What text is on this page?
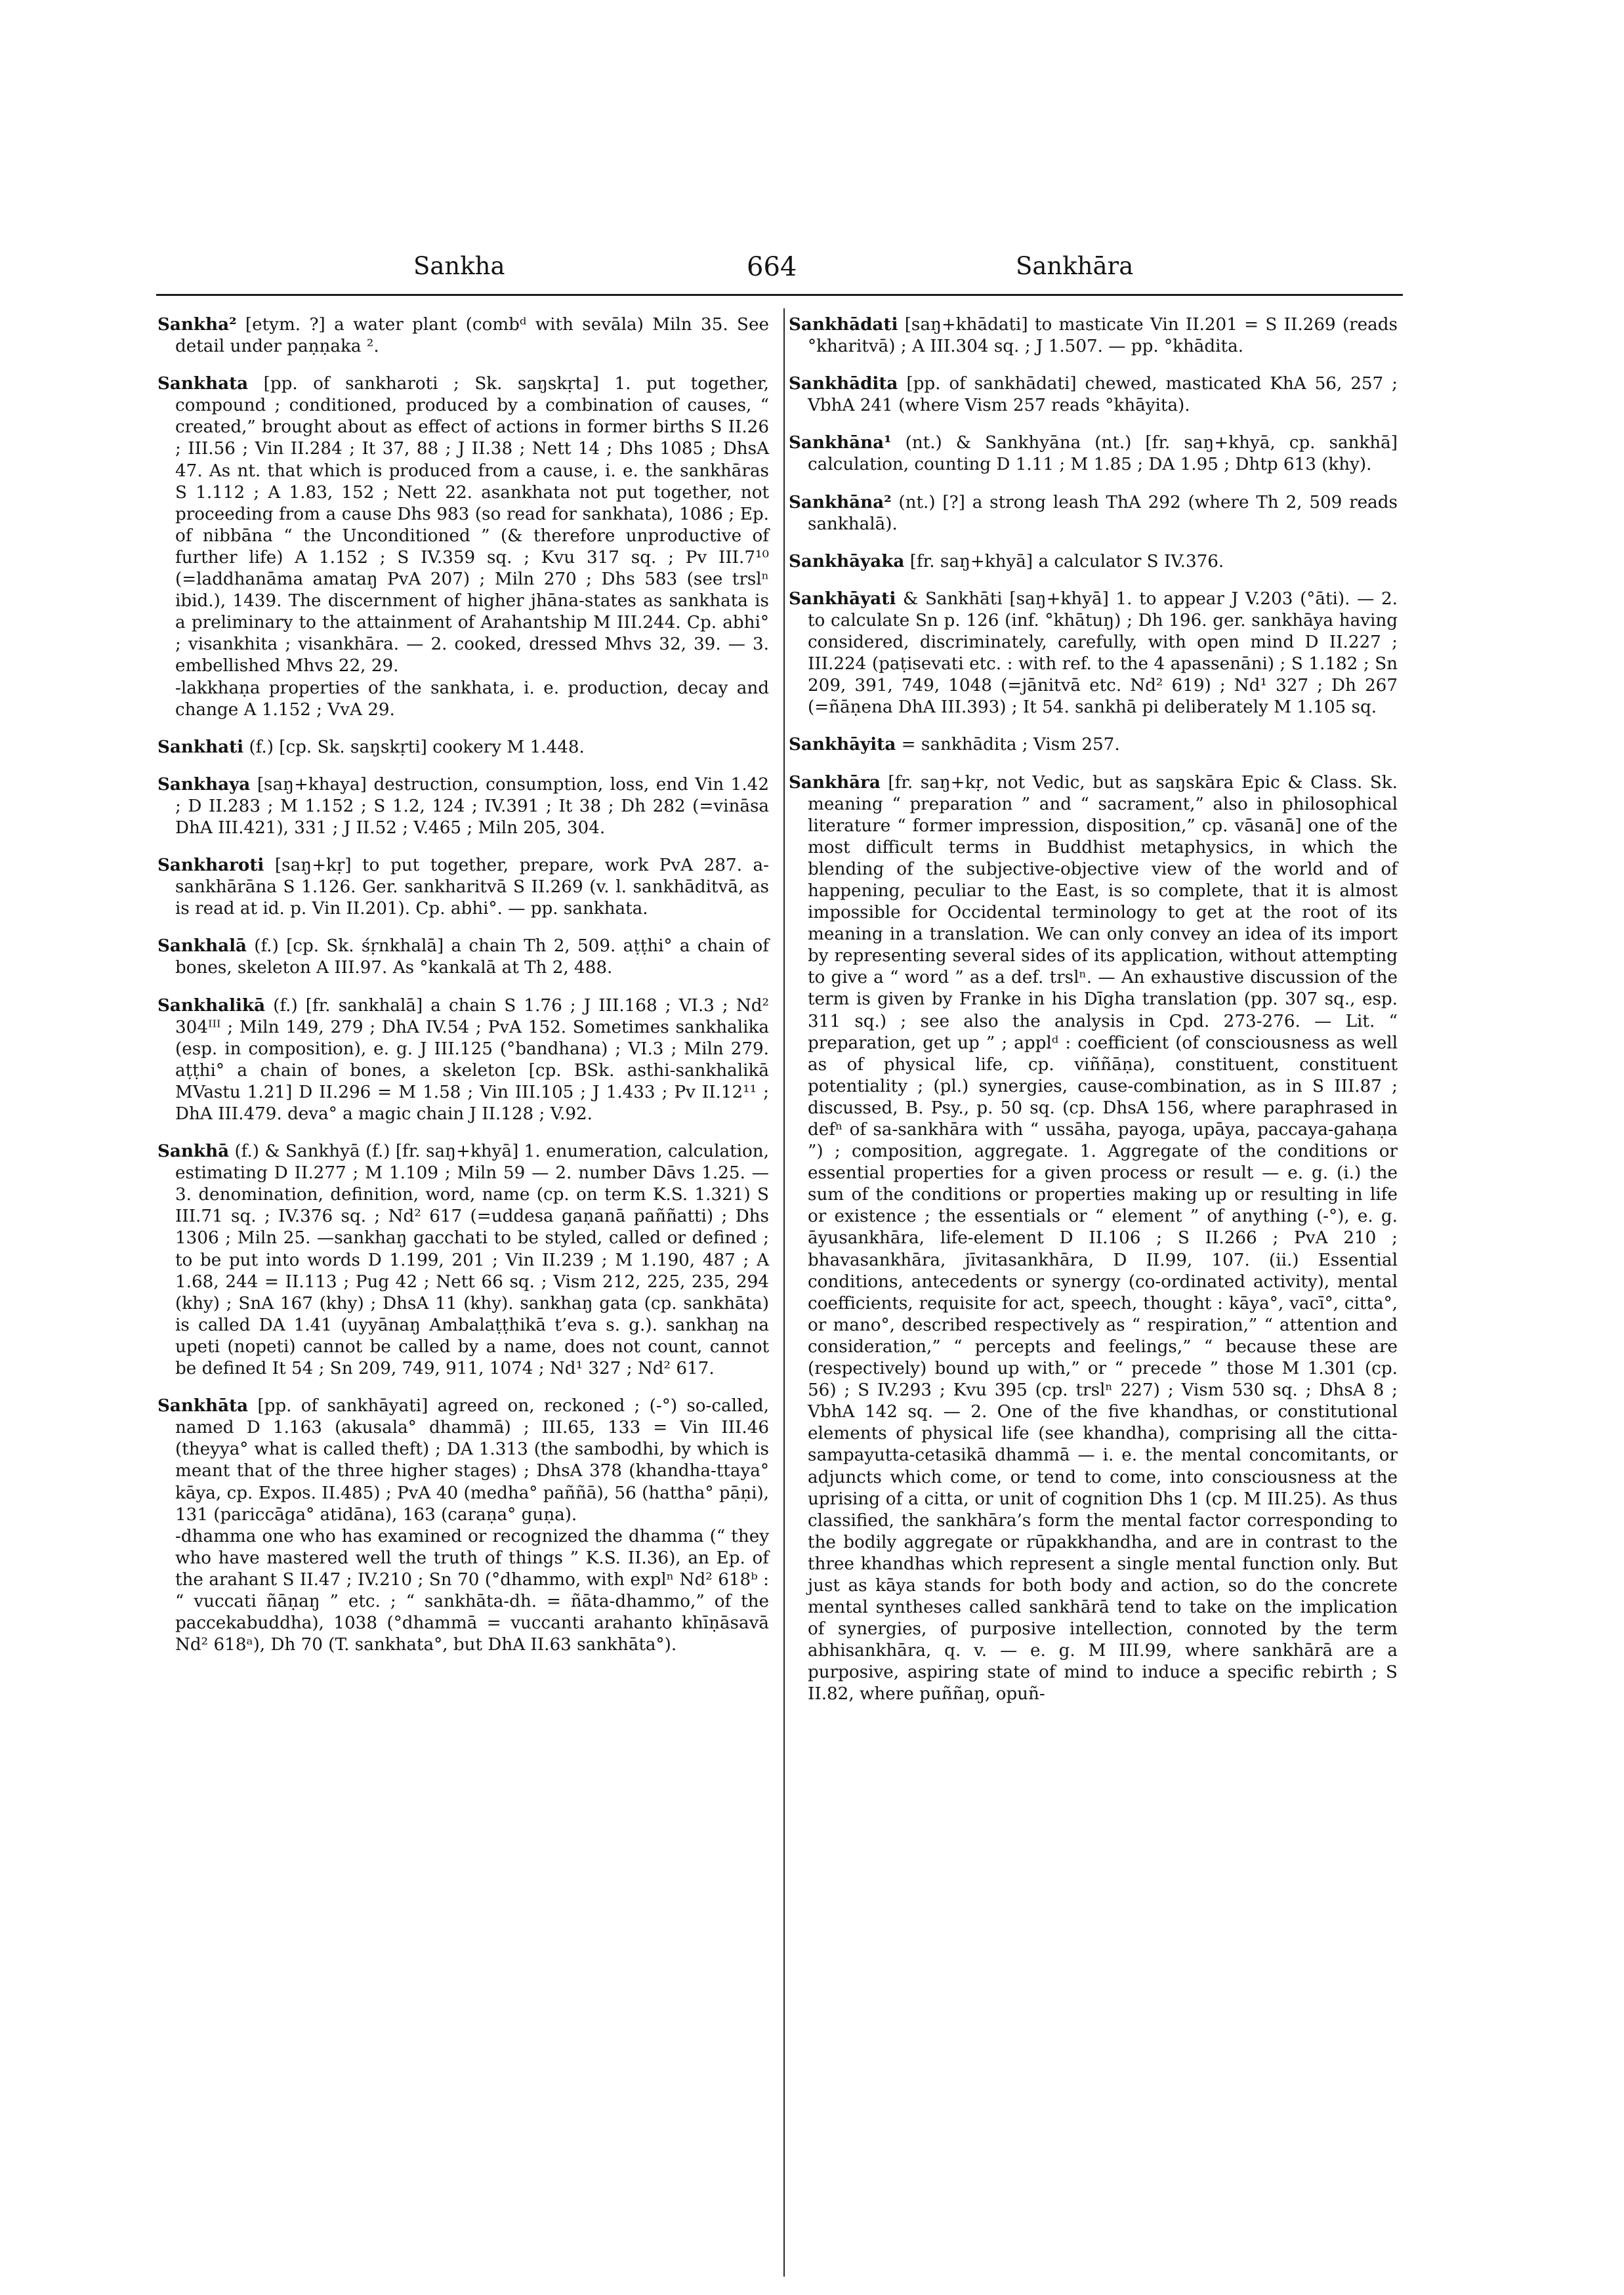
Sankha	664	Sankhāra

Sankha² [etym. ?] a water plant (combᵈ with sevāla) Miln 35. See detail under paṇṇaka ².

Sankhata [pp. of sankharoti ; Sk. saŋskṛta] 1. put together, compound ; conditioned, produced by a combination of causes, “ created,” brought about as effect of actions in former births S II.26 ; III.56 ; Vin II.284 ; It 37, 88 ; J II.38 ; Nett 14 ; Dhs 1085 ; DhsA 47. As nt. that which is produced from a cause, i. e. the sankhāras S 1.112 ; A 1.83, 152 ; Nett 22. asankhata not put together, not proceeding from a cause Dhs 983 (so read for sankhata), 1086 ; Ep. of nibbāna “ the Unconditioned ” (& therefore unproductive of further life) A 1.152 ; S IV.359 sq. ; Kvu 317 sq. ; Pv III.7¹⁰ (=laddhanāma amataŋ PvA 207) ; Miln 270 ; Dhs 583 (see trslⁿ ibid.), 1439. The discernment of higher jhāna-states as sankhata is a preliminary to the attainment of Arahantship M III.244. Cp. abhi° ; visankhita ; visankhāra. — 2. cooked, dressed Mhvs 32, 39. — 3. embellished Mhvs 22, 29.

-lakkhaṇa properties of the sankhata, i. e. production, decay and change A 1.152 ; VvA 29.

Sankhati (f.) [cp. Sk. saŋskṛti] cookery M 1.448.

Sankhaya [saŋ+khaya] destruction, consumption, loss, end Vin 1.42 ; D II.283 ; M 1.152 ; S 1.2, 124 ; IV.391 ; It 38 ; Dh 282 (=vināsa DhA III.421), 331 ; J II.52 ; V.465 ; Miln 205, 304.

Sankharoti [saŋ+kṛ] to put together, prepare, work PvA 287. a-sankhārāna S 1.126. Ger. sankharitvā S II.269 (v. l. sankhāditvā, as is read at id. p. Vin II.201). Cp. abhi°. — pp. sankhata.

Sankhalā (f.) [cp. Sk. śṛnkhalā] a chain Th 2, 509. aṭṭhi° a chain of bones, skeleton A III.97. As °kankalā at Th 2, 488.

Sankhalikā (f.) [fr. sankhalā] a chain S 1.76 ; J III.168 ; VI.3 ; Nd² 304ᴵᴵᴵ ; Miln 149, 279 ; DhA IV.54 ; PvA 152. Sometimes sankhalika (esp. in composition), e. g. J III.125 (°bandhana) ; VI.3 ; Miln 279. aṭṭhi° a chain of bones, a skeleton [cp. BSk. asthi-sankhalikā MVastu 1.21] D II.296 = M 1.58 ; Vin III.105 ; J 1.433 ; Pv II.12¹¹ ; DhA III.479. deva° a magic chain J II.128 ; V.92.

Sankhā (f.) & Sankhyā (f.) [fr. saŋ+khyā] 1. enumeration, calculation, estimating D II.277 ; M 1.109 ; Miln 59 — 2. number Dāvs 1.25. — 3. denomination, definition, word, name (cp. on term K.S. 1.321) S III.71 sq. ; IV.376 sq. ; Nd² 617 (=uddesa gaṇanā paññatti) ; Dhs 1306 ; Miln 25. —sankhaŋ gacchati to be styled, called or defined ; to be put into words D 1.199, 201 ; Vin II.239 ; M 1.190, 487 ; A 1.68, 244 = II.113 ; Pug 42 ; Nett 66 sq. ; Vism 212, 225, 235, 294 (khy) ; SnA 167 (khy) ; DhsA 11 (khy). sankhaŋ gata (cp. sankhāta) is called DA 1.41 (uyyānaŋ Ambalaṭṭhikā t’eva s. g.). sankhaŋ na upeti (nopeti) cannot be called by a name, does not count, cannot be defined It 54 ; Sn 209, 749, 911, 1074 ; Nd¹ 327 ; Nd² 617.

Sankhāta [pp. of sankhāyati] agreed on, reckoned ; (-°) so-called, named D 1.163 (akusala° dhammā) ; III.65, 133 = Vin III.46 (theyya° what is called theft) ; DA 1.313 (the sambodhi, by which is meant that of the three higher stages) ; DhsA 378 (khandha-ttaya° kāya, cp. Expos. II.485) ; PvA 40 (medha° paññā), 56 (hattha° pāṇi), 131 (pariccāga° atidāna), 163 (caraṇa° guṇa).

-dhamma one who has examined or recognized the dhamma (“ they who have mastered well the truth of things ” K.S. II.36), an Ep. of the arahant S II.47 ; IV.210 ; Sn 70 (°dhammo, with explⁿ Nd² 618ᵇ : “ vuccati ñāṇaŋ ” etc. ; “ sankhāta-dh. = ñāta-dhammo,” of the paccekabuddha), 1038 (°dhammā = vuccanti arahanto khīṇāsavā Nd² 618ᵃ), Dh 70 (T. sankhata°, but DhA II.63 sankhāta°).

Sankhādati [saŋ+khādati] to masticate Vin II.201 = S II.269 (reads °kharitvā) ; A III.304 sq. ; J 1.507. — pp. °khādita.

Sankhādita [pp. of sankhādati] chewed, masticated KhA 56, 257 ; VbhA 241 (where Vism 257 reads °khāyita).

Sankhāna¹ (nt.) & Sankhyāna (nt.) [fr. saŋ+khyā, cp. sankhā] calculation, counting D 1.11 ; M 1.85 ; DA 1.95 ; Dhtp 613 (khy).

Sankhāna² (nt.) [?] a strong leash ThA 292 (where Th 2, 509 reads sankhalā).

Sankhāyaka [fr. saŋ+khyā] a calculator S IV.376.

Sankhāyati & Sankhāti [saŋ+khyā] 1. to appear J V.203 (°āti). — 2. to calculate Sn p. 126 (inf. °khātuŋ) ; Dh 196. ger. sankhāya having considered, discriminately, carefully, with open mind D II.227 ; III.224 (paṭisevati etc. : with ref. to the 4 apassenāni) ; S 1.182 ; Sn 209, 391, 749, 1048 (=jānitvā etc. Nd² 619) ; Nd¹ 327 ; Dh 267 (=ñāṇena DhA III.393) ; It 54. sankhā pi deliberately M 1.105 sq.

Sankhāyita = sankhādita ; Vism 257.

Sankhāra [fr. saŋ+kṛ, not Vedic, but as saŋskāra Epic & Class. Sk. meaning “ preparation ” and “ sacrament,” also in philosophical literature “ former impression, disposition,” cp. vāsanā] one of the most difficult terms in Buddhist metaphysics, in which the blending of the subjective-objective view of the world and of happening, peculiar to the East, is so complete, that it is almost impossible for Occidental terminology to get at the root of its meaning in a translation. We can only convey an idea of its import by representing several sides of its application, without attempting to give a “ word ” as a def. trslⁿ. — An exhaustive discussion of the term is given by Franke in his Dīgha translation (pp. 307 sq., esp. 311 sq.) ; see also the analysis in Cpd. 273-276. — Lit. “ preparation, get up ” ; applᵈ : coefficient (of consciousness as well as of physical life, cp. viññāṇa), constituent, constituent potentiality ; (pl.) synergies, cause-combination, as in S III.87 ; discussed, B. Psy., p. 50 sq. (cp. DhsA 156, where paraphrased in defⁿ of sa-sankhāra with “ ussāha, payoga, upāya, paccaya-gahaṇa ”) ; composition, aggregate. 1. Aggregate of the conditions or essential properties for a given process or result — e. g. (i.) the sum of the conditions or properties making up or resulting in life or existence ; the essentials or “ element ” of anything (-°), e. g. āyusankhāra, life-element D II.106 ; S II.266 ; PvA 210 ; bhavasankhāra, jīvitasankhāra, D II.99, 107. (ii.) Essential conditions, antecedents or synergy (co-ordinated activity), mental coefficients, requisite for act, speech, thought : kāya°, vacī°, citta°, or mano°, described respectively as “ respiration,” “ attention and consideration,” “ percepts and feelings,” “ because these are (respectively) bound up with,” or “ precede ” those M 1.301 (cp. 56) ; S IV.293 ; Kvu 395 (cp. trslⁿ 227) ; Vism 530 sq. ; DhsA 8 ; VbhA 142 sq. — 2. One of the five khandhas, or constitutional elements of physical life (see khandha), comprising all the citta-sampayutta-cetasikā dhammā — i. e. the mental concomitants, or adjuncts which come, or tend to come, into consciousness at the uprising of a citta, or unit of cognition Dhs 1 (cp. M III.25). As thus classified, the sankhāra’s form the mental factor corresponding to the bodily aggregate or rūpakkhandha, and are in contrast to the three khandhas which represent a single mental function only. But just as kāya stands for both body and action, so do the concrete mental syntheses called sankhārā tend to take on the implication of synergies, of purposive intellection, connoted by the term abhisankhāra, q. v. — e. g. M III.99, where sankhārā are a purposive, aspiring state of mind to induce a specific rebirth ; S II.82, where puññaŋ, opuñ-
